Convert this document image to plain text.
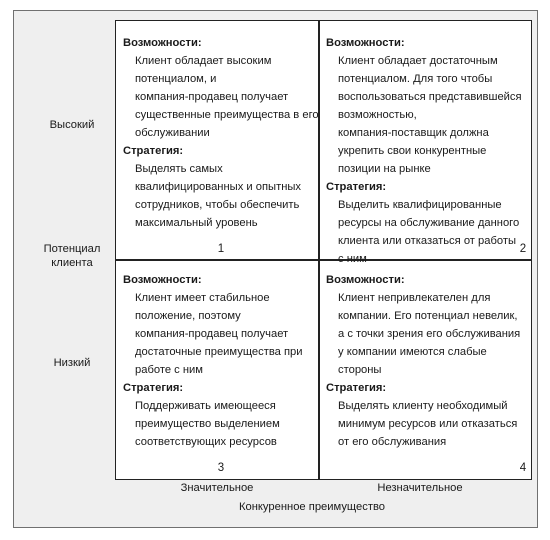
Высокий
Потенциал
клиента
Низкий
Возможности:
Клиент обладает высоким
потенциалом, и
компания-продавец получает
существенные преимущества в его
обслуживании
Стратегия:
Выделять самых
квалифицированных и опытных
сотрудников, чтобы обеспечить
максимальный уровень
1
Возможности:
Клиент обладает достаточным
потенциалом. Для того чтобы
воспользоваться представившейся
возможностью,
компания-поставщик должна
укрепить свои конкурентные
позиции на рынке
Стратегия:
Выделить квалифицированные
ресурсы на обслуживание данного
клиента или отказаться от работы
с ним
2
Возможности:
Клиент имеет стабильное
положение, поэтому
компания-продавец получает
достаточные преимущества при
работе с ним
Стратегия:
Поддерживать имеющееся
преимущество выделением
соответствующих ресурсов
3
Возможности:
Клиент непривлекателен для
компании. Его потенциал невелик,
а с точки зрения его обслуживания
у компании имеются слабые
стороны
Стратегия:
Выделять клиенту необходимый
минимум ресурсов или отказаться
от его обслуживания
4
Значительное	Незначительное
Конкуренное преимущество
